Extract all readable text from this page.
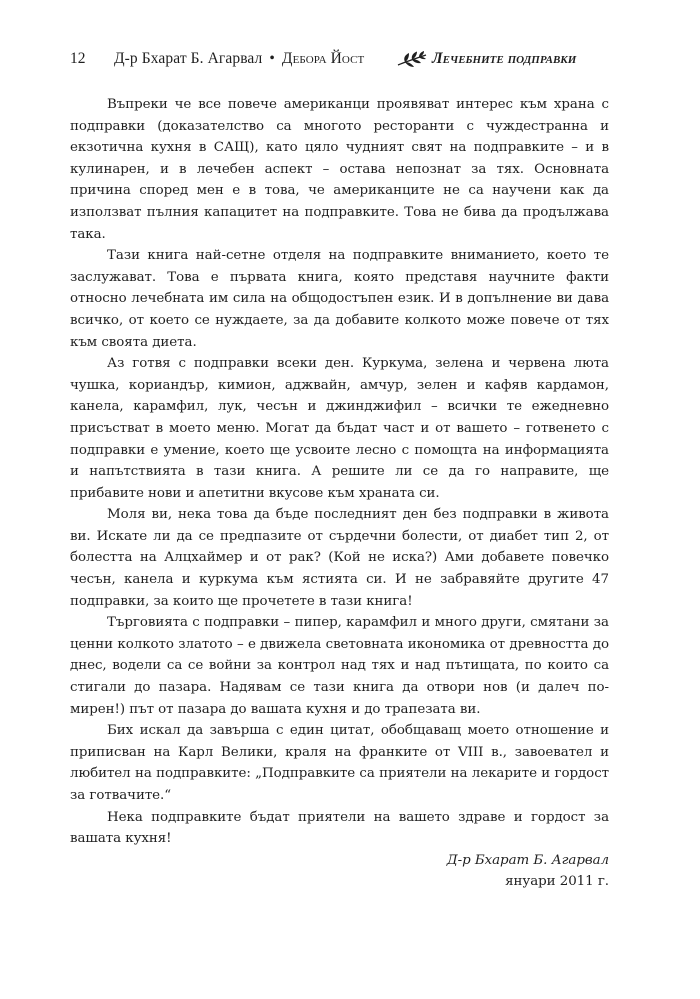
12 Д-р Бхарат Б. Агарвал • Дебора Йост	Лечебните подправки

Въпреки че все повече американци проявяват интерес към храна с подправки (доказателство са многото ресторанти с чуждестранна и екзотична кухня в САЩ), като цяло чудният свят на подправките – и в кулинарен, и в лечебен аспект – остава непознат за тях. Основната причина според мен е в това, че американците не са научени как да използват пълния капацитет на подправките. Това не бива да продължава така.

Тази книга най-сетне отделя на подправките вниманието, което те заслужават. Това е първата книга, която представя научните факти относно лечебната им сила на общодостъпен език. И в допълнение ви дава всичко, от което се нуждаете, за да добавите колкото може повече от тях към своята диета.

Аз готвя с подправки всеки ден. Куркума, зелена и червена люта чушка, кориандър, кимион, аджвайн, амчур, зелен и кафяв кардамон, канела, карамфил, лук, чесън и джинджифил – всички те ежедневно присъстват в моето меню. Могат да бъдат част и от вашето – готвенето с подправки е умение, което ще усвоите лесно с помощта на информацията и напътствията в тази книга. А решите ли се да го направите, ще прибавите нови и апетитни вкусове към храната си.

Моля ви, нека това да бъде последният ден без подправки в живота ви. Искате ли да се предпазите от сърдечни болести, от диабет тип 2, от болестта на Алцхаймер и от рак? (Кой не иска?) Ами добавете повечко чесън, канела и куркума към ястията си. И не забравяйте другите 47 подправки, за които ще прочетете в тази книга!

Търговията с подправки – пипер, карамфил и много други, смятани за ценни колкото златото – е движела световната икономика от древността до днес, водели са се войни за контрол над тях и над пътищата, по които са стигали до пазара. Надявам се тази книга да отвори нов (и далеч по-мирен!) път от пазара до вашата кухня и до трапезата ви.

Бих искал да завърша с един цитат, обобщаващ моето отношение и приписван на Карл Велики, краля на франките от VIII в., завоевател и любител на подправките: „Подправките са приятели на лекарите и гордост за готвачите.“

Нека подправките бъдат приятели на вашето здраве и гордост за вашата кухня!

Д-р Бхарат Б. Агарвал
януари 2011 г.
